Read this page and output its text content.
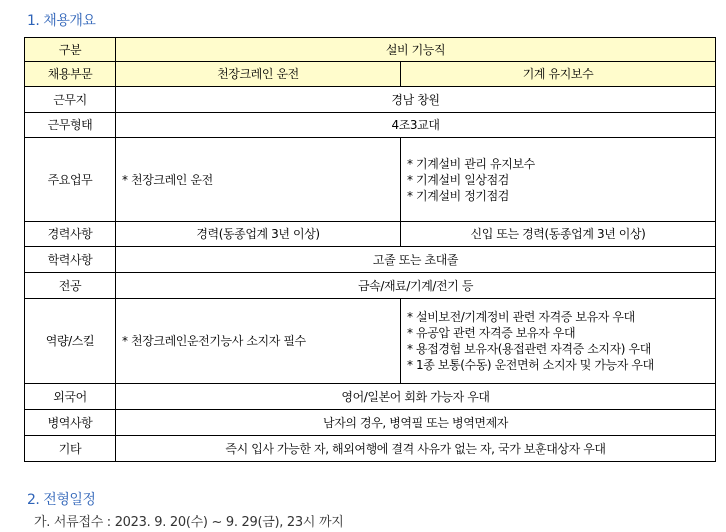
1. 채용개요
구분	설비 기능직	
채용부문	천장크레인 운전	기계 유지보수
근무지	경남 창원	
근무형태	4조3교대	
주요업무	* 천장크레인 운전	* 기계설비 관리 유지보수
* 기계설비 일상점검
* 기계설비 정기점검

경력사항	경력(동종업계 3년 이상)	신입 또는 경력(동종업계 3년 이상)
학력사항	고졸 또는 초대졸	
전공	금속/재료/기계/전기 등	
역량/스킬	* 천장크레인운전기능사 소지자 필수	* 설비보전/기계정비 관련 자격증 보유자 우대
* 유공압 관련 자격증 보유자 우대
* 용접경험 보유자(용접관련 자격증 소지자) 우대
* 1종 보통(수동) 운전면허 소지자 및 가능자 우대

외국어	영어/일본어 회화 가능자 우대	
병역사항	남자의 경우, 병역필 또는 병역면제자	
기타	즉시 입사 가능한 자, 해외여행에 결격 사유가 없는 자, 국가 보훈대상자 우대	
2. 전형일정
가. 서류접수 : 2023. 9. 20(수) ~ 9. 29(금), 23시 까지
